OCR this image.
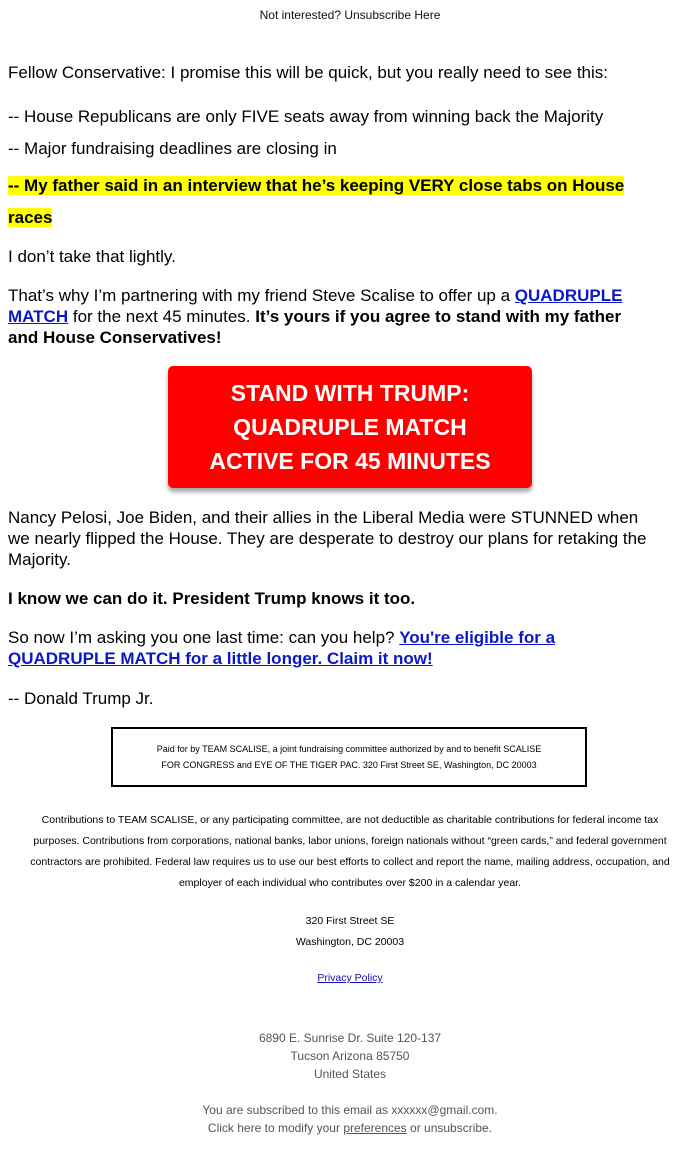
Not interested? Unsubscribe Here

Fellow Conservative: I promise this will be quick, but you really need to see this:

-- House Republicans are only FIVE seats away from winning back the Majority

-- Major fundraising deadlines are closing in

-- My father said in an interview that he’s keeping VERY close tabs on House
races

I don’t take that lightly.

That’s why I’m partnering with my friend Steve Scalise to offer up a QUADRUPLE
MATCH for the next 45 minutes. It’s yours if you agree to stand with my father
and House Conservatives!

Nancy Pelosi, Joe Biden, and their allies in the Liberal Media were STUNNED when
we nearly flipped the House. They are desperate to destroy our plans for retaking the
Majority.

I know we can do it. President Trump knows it too.

So now I’m asking you one last time: can you help? You're eligible for a
QUADRUPLE MATCH for a little longer. Claim it now!

-- Donald Trump Jr.

STAND WITH TRUMP:
QUADRUPLE MATCH
ACTIVE FOR 45 MINUTES
Paid for by TEAM SCALISE, a joint fundraising committee authorized by and to benefit SCALISE
FOR CONGRESS and EYE OF THE TIGER PAC. 320 First Street SE, Washington, DC 20003
Contributions to TEAM SCALISE, or any participating committee, are not deductible as charitable contributions for federal income tax
purposes. Contributions from corporations, national banks, labor unions, foreign nationals without “green cards,” and federal government
contractors are prohibited. Federal law requires us to use our best efforts to collect and report the name, mailing address, occupation, and
employer of each individual who contributes over $200 in a calendar year.
320 First Street SE
Washington, DC 20003
Privacy Policy
6890 E. Sunrise Dr. Suite 120-137
Tucson Arizona 85750
United States
You are subscribed to this email as xxxxxx@gmail.com.
Click here to modify your preferences or unsubscribe.
